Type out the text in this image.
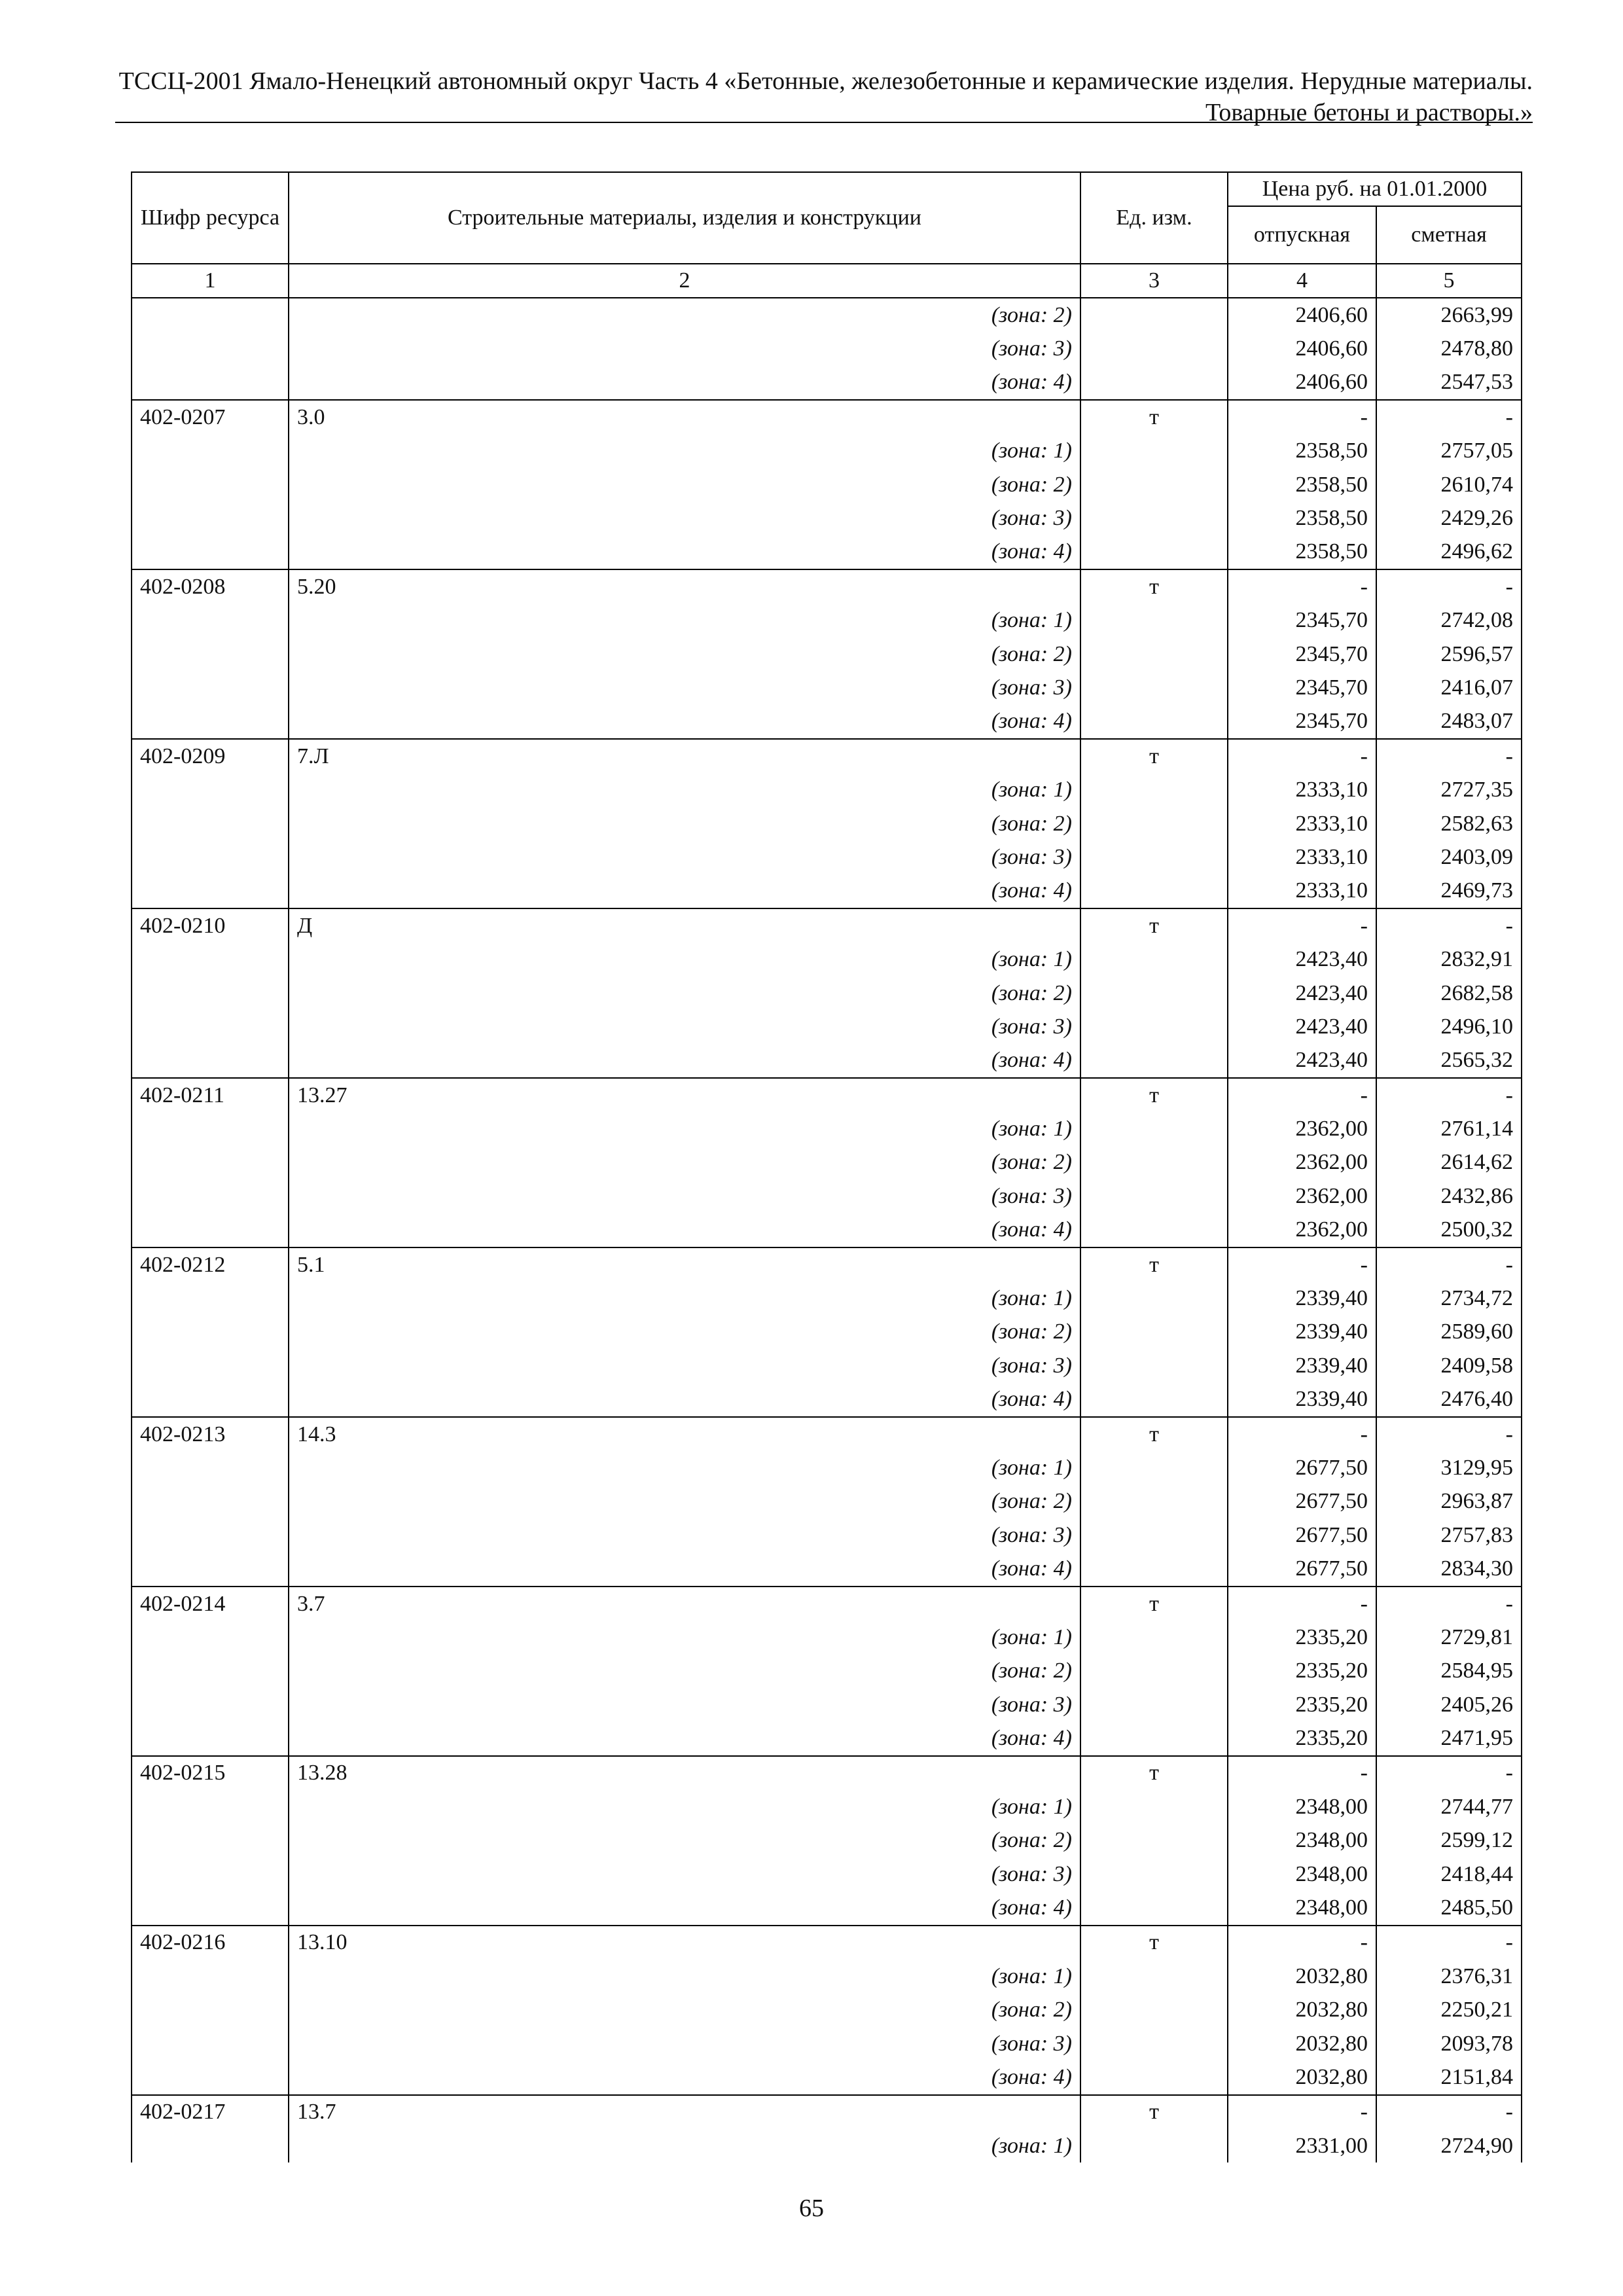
ТССЦ-2001 Ямало-Ненецкий автономный округ Часть 4 «Бетонные, железобетонные и керамические изделия. Нерудные материалы.
Товарные бетоны и растворы.»
Шифр ресурса	Строительные материалы, изделия и конструкции	Ед. изм.	Цена руб. на 01.01.2000	
			отпускная	сметная
1	2	3	4	5
	(зона: 2)		2406,60	2663,99
	(зона: 3)		2406,60	2478,80
	(зона: 4)		2406,60	2547,53
402-0207	3.0	т	-	-
	(зона: 1)		2358,50	2757,05
	(зона: 2)		2358,50	2610,74
	(зона: 3)		2358,50	2429,26
	(зона: 4)		2358,50	2496,62
402-0208	5.20	т	-	-
	(зона: 1)		2345,70	2742,08
	(зона: 2)		2345,70	2596,57
	(зона: 3)		2345,70	2416,07
	(зона: 4)		2345,70	2483,07
402-0209	7.Л	т	-	-
	(зона: 1)		2333,10	2727,35
	(зона: 2)		2333,10	2582,63
	(зона: 3)		2333,10	2403,09
	(зона: 4)		2333,10	2469,73
402-0210	Д	т	-	-
	(зона: 1)		2423,40	2832,91
	(зона: 2)		2423,40	2682,58
	(зона: 3)		2423,40	2496,10
	(зона: 4)		2423,40	2565,32
402-0211	13.27	т	-	-
	(зона: 1)		2362,00	2761,14
	(зона: 2)		2362,00	2614,62
	(зона: 3)		2362,00	2432,86
	(зона: 4)		2362,00	2500,32
402-0212	5.1	т	-	-
	(зона: 1)		2339,40	2734,72
	(зона: 2)		2339,40	2589,60
	(зона: 3)		2339,40	2409,58
	(зона: 4)		2339,40	2476,40
402-0213	14.3	т	-	-
	(зона: 1)		2677,50	3129,95
	(зона: 2)		2677,50	2963,87
	(зона: 3)		2677,50	2757,83
	(зона: 4)		2677,50	2834,30
402-0214	3.7	т	-	-
	(зона: 1)		2335,20	2729,81
	(зона: 2)		2335,20	2584,95
	(зона: 3)		2335,20	2405,26
	(зона: 4)		2335,20	2471,95
402-0215	13.28	т	-	-
	(зона: 1)		2348,00	2744,77
	(зона: 2)		2348,00	2599,12
	(зона: 3)		2348,00	2418,44
	(зона: 4)		2348,00	2485,50
402-0216	13.10	т	-	-
	(зона: 1)		2032,80	2376,31
	(зона: 2)		2032,80	2250,21
	(зона: 3)		2032,80	2093,78
	(зона: 4)		2032,80	2151,84
402-0217	13.7	т	-	-
	(зона: 1)		2331,00	2724,90
65
